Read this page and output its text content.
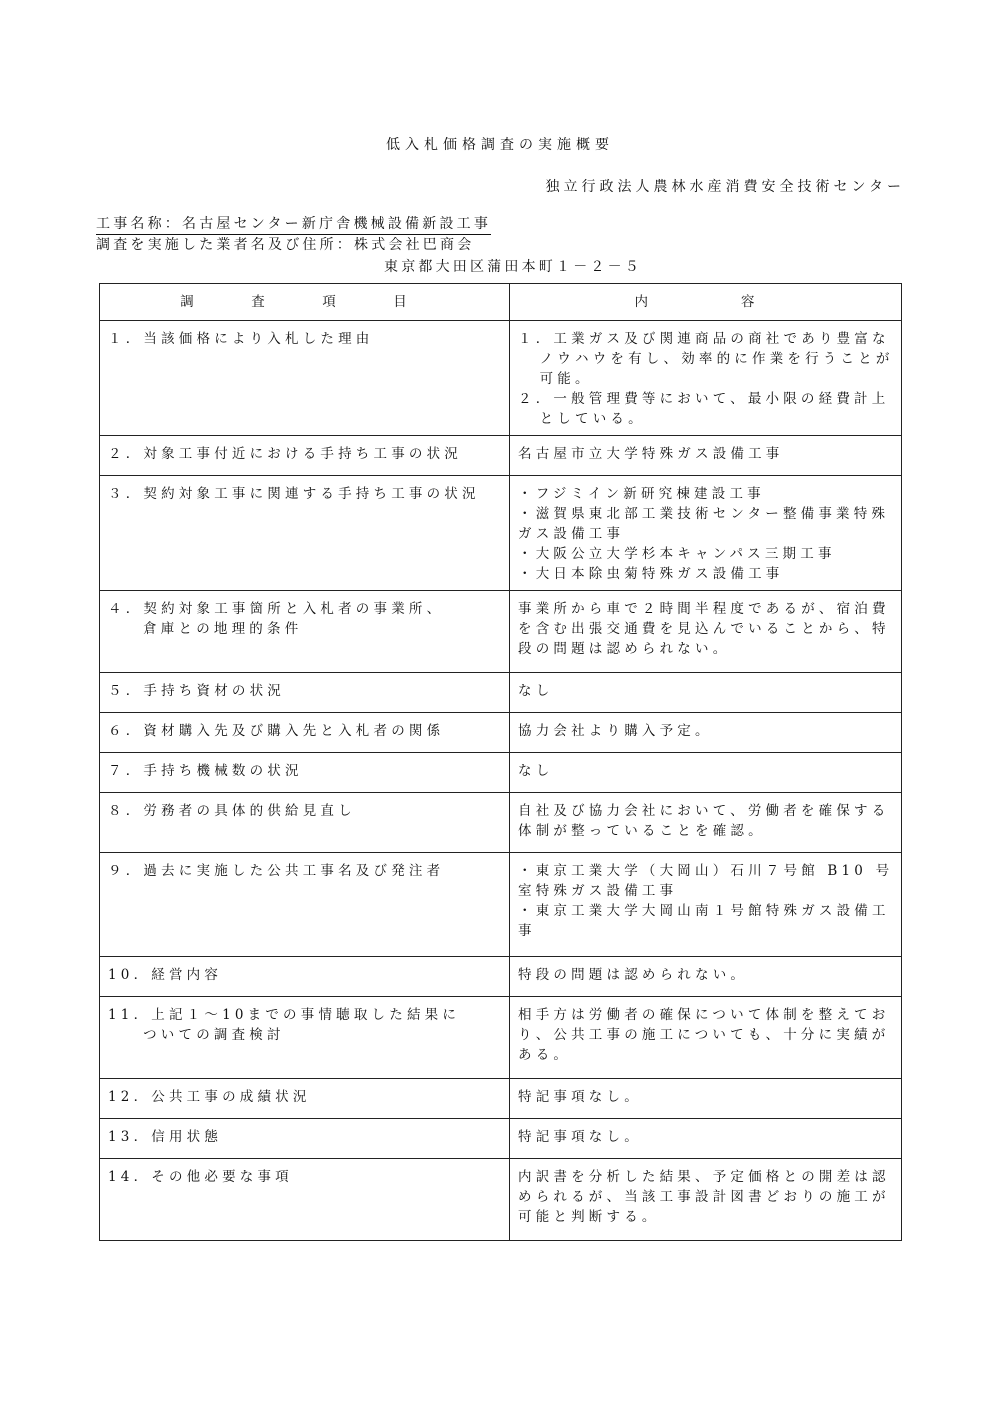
低入札価格調査の実施概要
独立行政法人農林水産消費安全技術センター
工事名称：名古屋センター新庁舎機械設備新設工事
調査を実施した業者名及び住所：株式会社巴商会
東京都大田区蒲田本町１－２－５
調　査　項　目	内　　容

１．当該価格により入札した理由	１．工業ガス及び関連商品の商社であり豊富なノウハウを有し、効率的に作業を行うことが可能。
２．一般管理費等において、最小限の経費計上としている。

２．対象工事付近における手持ち工事の状況	名古屋市立大学特殊ガス設備工事

３．契約対象工事に関連する手持ち工事の状況	・フジミイン新研究棟建設工事
・滋賀県東北部工業技術センター整備事業特殊ガス設備工事
・大阪公立大学杉本キャンパス三期工事
・大日本除虫菊特殊ガス設備工事

４．契約対象工事箇所と入札者の事業所、
倉庫との地理的条件	事業所から車で２時間半程度であるが、宿泊費を含む出張交通費を見込んでいることから、特段の問題は認められない。

５．手持ち資材の状況	なし

６．資材購入先及び購入先と入札者の関係	協力会社より購入予定。

７．手持ち機械数の状況	なし

８．労務者の具体的供給見直し	自社及び協力会社において、労働者を確保する体制が整っていることを確認。

９．過去に実施した公共工事名及び発注者	・東京工業大学（大岡山）石川７号館 B10 号室特殊ガス設備工事
・東京工業大学大岡山南１号館特殊ガス設備工事

10．経営内容	特段の問題は認められない。

11．上記１～10までの事情聴取した結果に
ついての調査検討	相手方は労働者の確保について体制を整えており、公共工事の施工についても、十分に実績がある。

12．公共工事の成績状況	特記事項なし。

13．信用状態	特記事項なし。

14．その他必要な事項	内訳書を分析した結果、予定価格との開差は認められるが、当該工事設計図書どおりの施工が可能と判断する。
